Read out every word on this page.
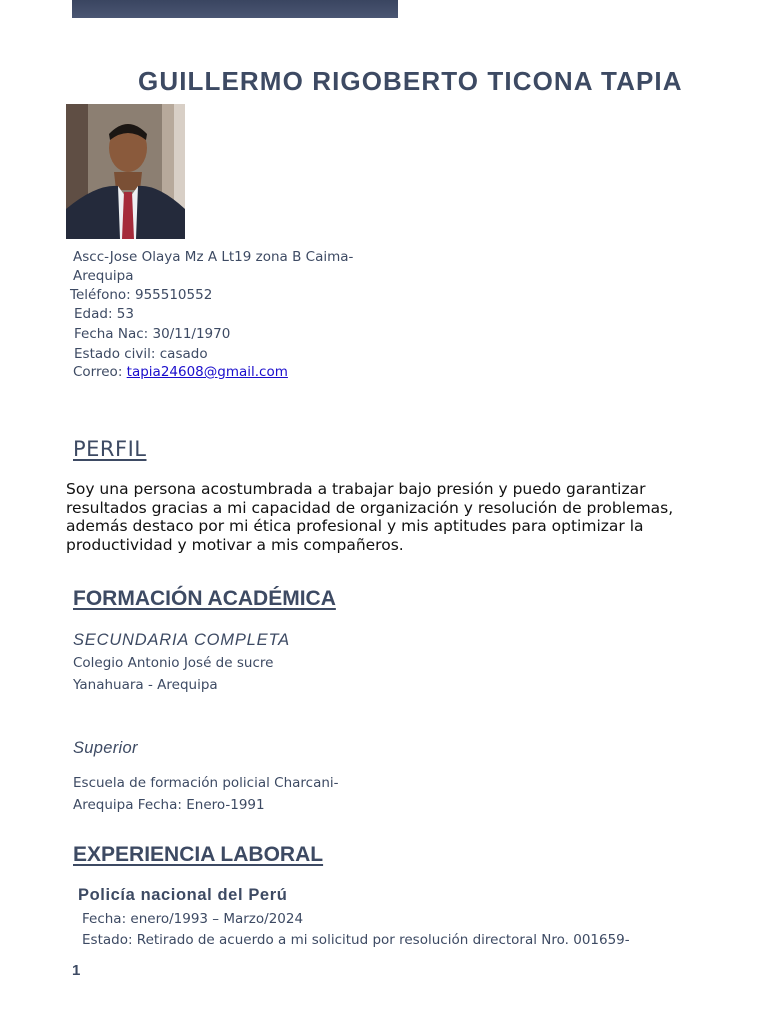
GUILLERMO RIGOBERTO TICONA TAPIA
Ascc-Jose Olaya Mz A Lt19 zona B Caima-
Arequipa
Teléfono: 955510552
Edad: 53
Fecha Nac: 30/11/1970
Estado civil: casado
Correo: tapia24608@gmail.com
PERFIL
Soy una persona acostumbrada a trabajar bajo presión y puedo garantizar resultados gracias a mi capacidad de organización y resolución de problemas, además destaco por mi ética profesional y mis aptitudes para optimizar la productividad y motivar a mis compañeros.
FORMACIÓN ACADÉMICA
SECUNDARIA COMPLETA
Colegio Antonio José de sucre
Yanahuara - Arequipa
Superior
Escuela de formación policial Charcani-
Arequipa Fecha: Enero-1991
EXPERIENCIA LABORAL
Policía nacional del Perú
Fecha: enero/1993 – Marzo/2024
Estado: Retirado de acuerdo a mi solicitud por resolución directoral Nro. 001659-
1
